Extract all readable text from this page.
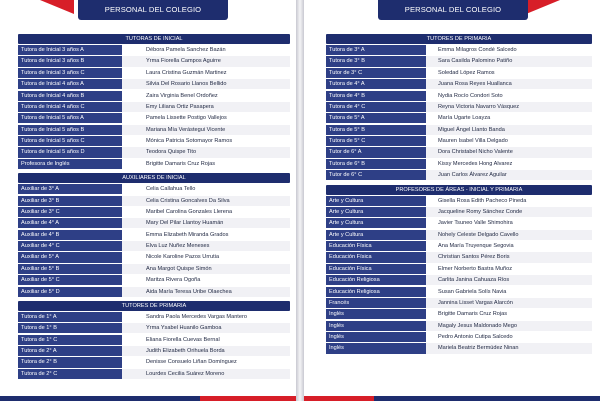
PERSONAL DEL COLEGIO
TUTORAS DE INICIAL
Tutora de Inicial 3 años A	Débora Pamela Sanchez Bazán
Tutora de Inicial 3 años B	Yrma Fiorella Campos Aguirre
Tutora de Inicial 3 años C	Laura Cristina Guzmán Martinez
Tutora de Inicial 4 años A	Silvia Del Rosario Llanos Bellido
Tutora de Inicial 4 años B	Zaira Virginia Benel Ordoñez
Tutora de Inicial 4 años C	Emy Liliana Ortiz Pasapera
Tutora de Inicial 5 años A	Pamela Lissette Postigo Vallejos
Tutora de Inicial 5 años B	Mariana Mía Verástegui Vicente
Tutora de Inicial 5 años C	Mónica Patricia Sotomayor Ramos
Tutora de Inicial 5 años D	Teodora Quispe Tito
Profesora de Inglés	Brigitte Damaris Cruz Rojas
AUXILIARES DE INICIAL
Auxiliar de 3° A	Celia Callahua Tello
Auxiliar de 3° B	Celia Cristina Goncalves Da Silva
Auxiliar de 3° C	Maribel Carolina Gonzales Llerena
Auxiliar de 4° A	Mary Del Pilar Llantoy Huamán
Auxiliar de 4° B	Emma Elizabeth Miranda Grados
Auxiliar de 4° C	Elva Luz Nuñez Meneses
Auxiliar de 5° A	Nicole Karoline Pazos Urrutia
Auxiliar de 5° B	Ana Margot Quispe Simón
Auxiliar de 5° C	Maritza Rivera Ogoña
Auxiliar de 5° D	Aida María Teresa Uribe Olaechea
TUTORES DE PRIMARIA
Tutora de 1° A	Sandra Paola Mercedes Vargas Mantero
Tutora de 1° B	Yrma Ysabel Huanilo Gamboa
Tutora de 1° C	Eliana Fiorella Cuevas Bernal
Tutora de 2° A	Judith Elizabeth Orihuela Borda
Tutora de 2° B	Denisse Consuelo Liñan Domínguez
Tutora de 2° C	Lourdes Cecilia Suárez Moreno
PERSONAL DEL COLEGIO
TUTORES DE PRIMARIA
Tutora de 3° A	Emma Milagros Condé Salcedo
Tutora de 3° B	Sara Casilda Palomino Patiño
Tutor de 3° C	Soledad López Ramos
Tutora de 4° A	Juana Rosa Reyes Huallanca
Tutora de 4° B	Nydia Rocío Condori Soto
Tutora de 4° C	Reyna Victoria Navarro Vásquez
Tutora de 5° A	María Ugarte Loayza
Tutora de 5° B	Miguel Ángel Llanto Banda
Tutora de 5° C	Mauren Isabel Villa Delgado
Tutor de 6° A	Dora Christabel Nicho Valente
Tutora de 6° B	Kissy Mercedes Hong Alvarez
Tutor de 6° C	Juan Carlos Álvarez Aguilar
PROFESORES DE ÁREAS - INICIAL Y PRIMARIA
Arte y Cultura	Gisella Rosa Edith Pacheco Pineda
Arte y Cultura	Jacqueline Romy Sánchez Conde
Arte y Cultura	Javier Tsuneo Valle Shimohira
Arte y Cultura	Nohely Celeste Delgado Cavello
Educación Física	Ana María Truyenque Segovia
Educación Física	Christian Santos Pérez Boris
Educación Física	Elmer Norberto Bastra Muñoz
Educación Religiosa	Carlita Janina Cahuaza Ríos
Educación Religiosa	Susan Gabriela Solís Navia
Francés	Jannina Lisset Vargas Alarcón
Inglés	Brigitte Damaris Cruz Rojas
Inglés	Magaly Jesus Maldonado Mego
Inglés	Pedro Antonio Cutipa Salcedo
Inglés	Mariela Beatriz Bermúdez Ninan
